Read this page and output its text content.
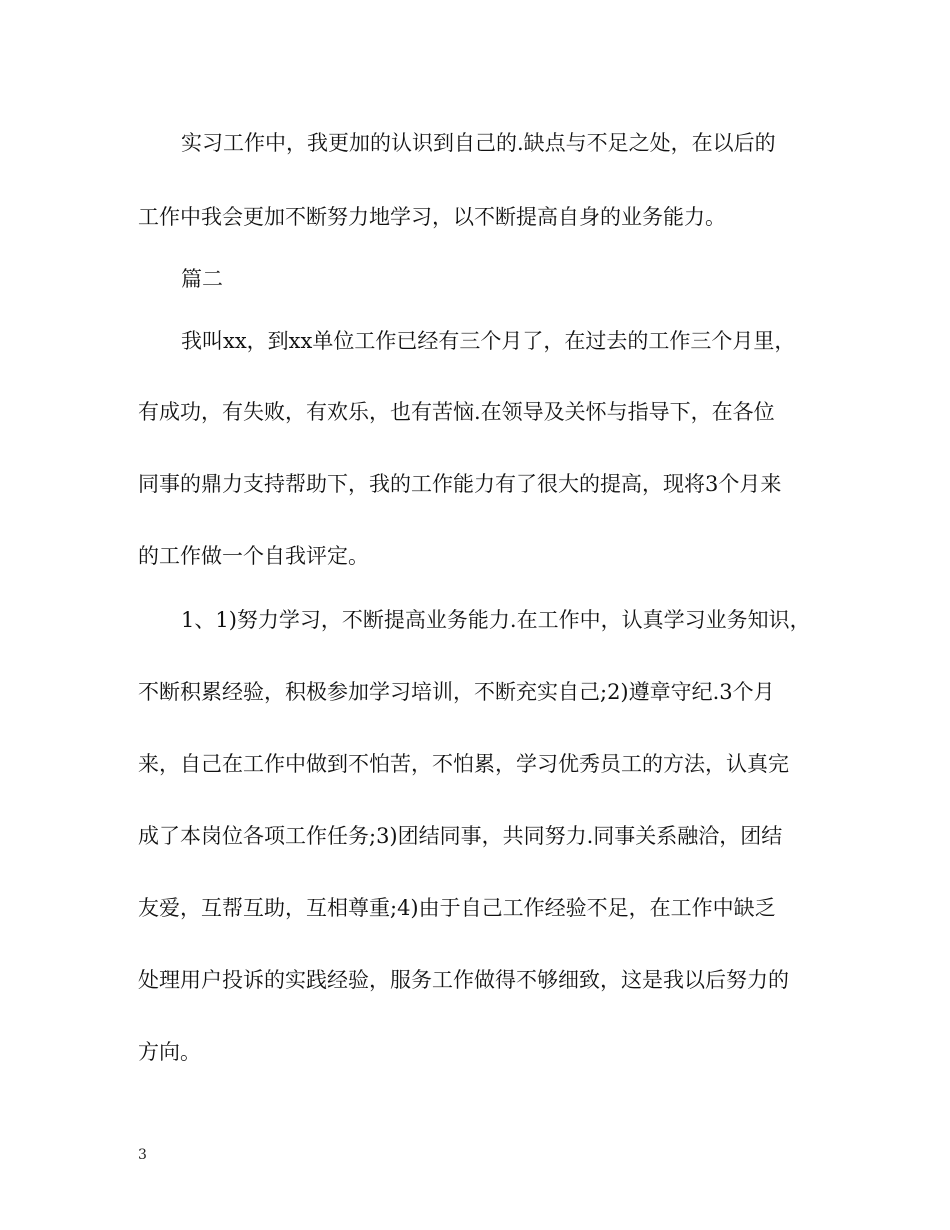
实习工作中，我更加的认识到自己的.缺点与不足之处，在以后的
工作中我会更加不断努力地学习，以不断提高自身的业务能力。
篇二
我叫xx，到xx单位工作已经有三个月了，在过去的工作三个月里，
有成功，有失败，有欢乐，也有苦恼.在领导及关怀与指导下，在各位
同事的鼎力支持帮助下，我的工作能力有了很大的提高，现将3个月来
的工作做一个自我评定。
1、1)努力学习，不断提高业务能力.在工作中，认真学习业务知识，
不断积累经验，积极参加学习培训，不断充实自己;2)遵章守纪.3个月
来，自己在工作中做到不怕苦，不怕累，学习优秀员工的方法，认真完
成了本岗位各项工作任务;3)团结同事，共同努力.同事关系融洽，团结
友爱，互帮互助，互相尊重;4)由于自己工作经验不足，在工作中缺乏
处理用户投诉的实践经验，服务工作做得不够细致，这是我以后努力的
方向。
3
